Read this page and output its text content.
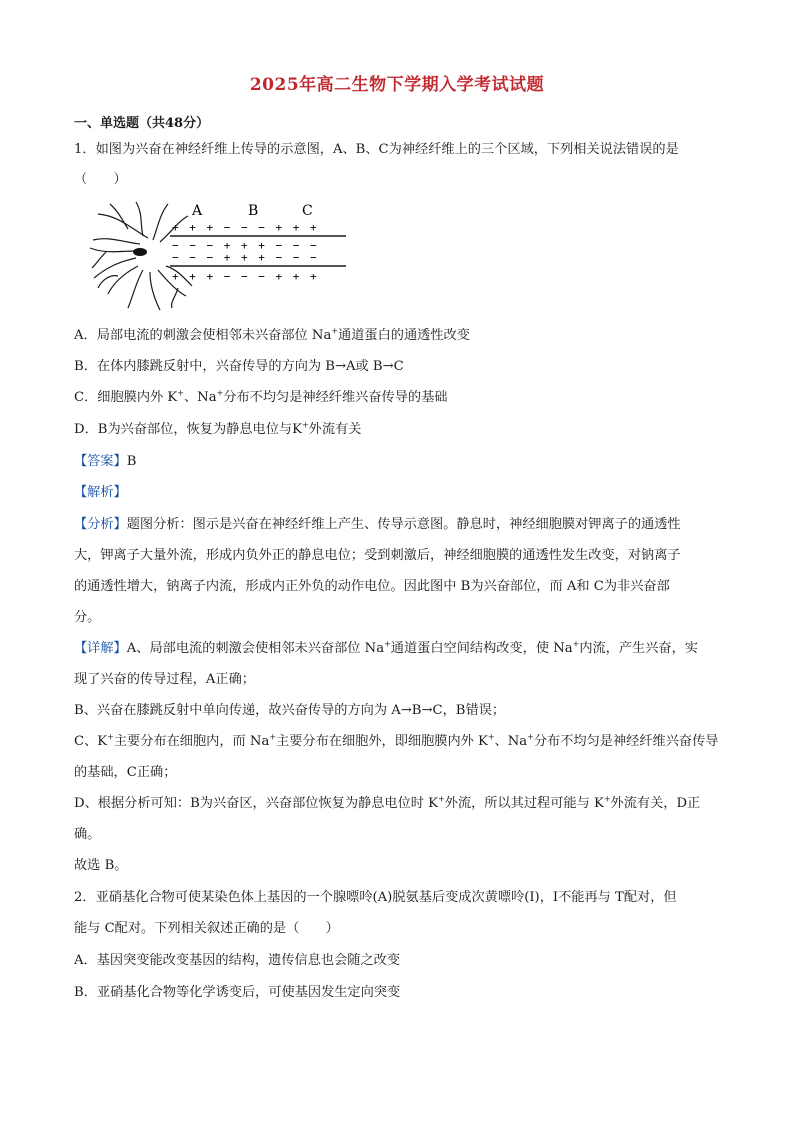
2025年高二生物下学期入学考试试题
一、单选题（共48分）
1．如图为兴奋在神经纤维上传导的示意图，A、B、C为神经纤维上的三个区域，下列相关说法错误的是
（　　）
A	B	C
+ + + − − − + + +
− − − + + + − − −
− − − + + + − − −
+ + + − − − + + +
A．局部电流的刺激会使相邻未兴奋部位 Na+通道蛋白的通透性改变
B．在体内膝跳反射中，兴奋传导的方向为 B→A或 B→C
C．细胞膜内外 K+、Na+分布不均匀是神经纤维兴奋传导的基础
D．B为兴奋部位，恢复为静息电位与K+外流有关
【答案】B
【解析】
【分析】题图分析：图示是兴奋在神经纤维上产生、传导示意图。静息时，神经细胞膜对钾离子的通透性
大，钾离子大量外流，形成内负外正的静息电位；受到刺激后，神经细胞膜的通透性发生改变，对钠离子
的通透性增大，钠离子内流，形成内正外负的动作电位。因此图中 B为兴奋部位，而 A和 C为非兴奋部
分。
【详解】A、局部电流的刺激会使相邻未兴奋部位 Na+通道蛋白空间结构改变，使 Na+内流，产生兴奋，实
现了兴奋的传导过程，A正确；
B、兴奋在膝跳反射中单向传递，故兴奋传导的方向为 A→B→C，B错误；
C、K+主要分布在细胞内，而 Na+主要分布在细胞外，即细胞膜内外 K+、Na+分布不均匀是神经纤维兴奋传导
的基础，C正确；
D、根据分析可知：B为兴奋区，兴奋部位恢复为静息电位时 K+外流，所以其过程可能与 K+外流有关，D正
确。
故选 B。
2．亚硝基化合物可使某染色体上基因的一个腺嘌呤(A)脱氨基后变成次黄嘌呤(I)，I不能再与 T配对，但
能与 C配对。下列相关叙述正确的是（　　）
A．基因突变能改变基因的结构，遗传信息也会随之改变
B．亚硝基化合物等化学诱变后，可使基因发生定向突变
